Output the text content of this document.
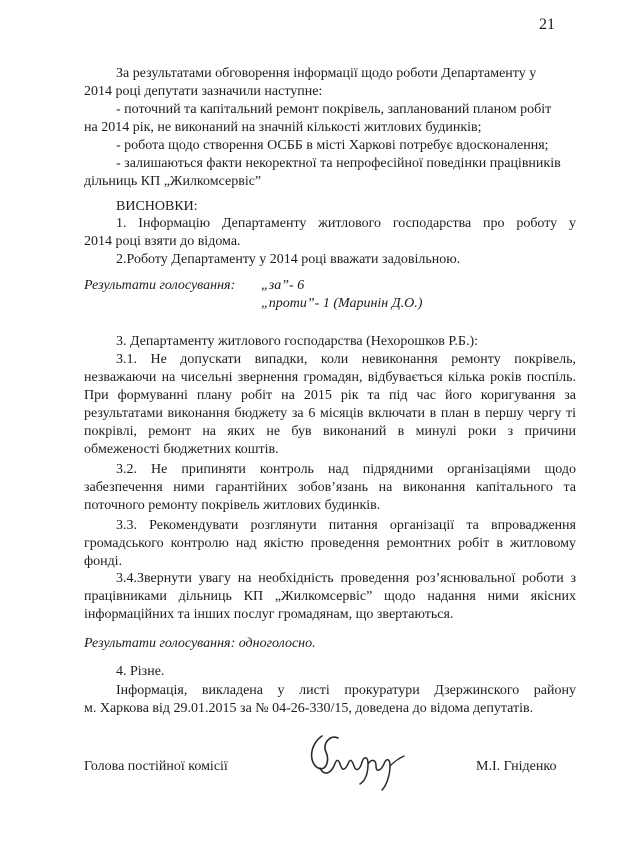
21
За результатами обговорення інформації щодо роботи Департаменту у
2014 році депутати зазначили наступне:
- поточний та капітальний ремонт покрівель, запланований планом робіт
на 2014 рік, не виконаний на значній кількості житлових будинків;
- робота щодо створення ОСББ в місті Харкові потребує вдосконалення;
- залишаються факти некоректної та непрофесійної поведінки працівників
дільниць КП „Жилкомсервіс”
ВИСНОВКИ:
1. Інформацію Департаменту житлового господарства про роботу у
2014 році взяти до відома.
2.Роботу Департаменту у 2014 році вважати задовільною.
Результати голосування: „за”- 6
„проти”- 1 (Маринін Д.О.)
3. Департаменту житлового господарства (Нехорошков Р.Б.):
3.1. Не допускати випадки, коли невиконання ремонту покрівель,
незважаючи на чисельні звернення громадян, відбувається кілька років поспіль.
При формуванні плану робіт на 2015 рік та під час його коригування за
результатами виконання бюджету за 6 місяців включати в план в першу чергу ті
покрівлі, ремонт на яких не був виконаний в минулі роки з причини
обмеженості бюджетних коштів.
3.2. Не припиняти контроль над підрядними організаціями щодо
забезпечення ними гарантійних зобов’язань на виконання капітального та
поточного ремонту покрівель житлових будинків.
3.3. Рекомендувати розглянути питання організації та впровадження
громадського контролю над якістю проведення ремонтних робіт в житловому
фонді.
3.4.Звернути увагу на необхідність проведення роз’яснювальної роботи з
працівниками дільниць КП „Жилкомсервіс” щодо надання ними якісних
інформаційних та інших послуг громадянам, що звертаються.
Результати голосування: одноголосно.
4. Різне.
Інформація, викладена у листі прокуратури Дзержинского району
м. Харкова від 29.01.2015 за № 04-26-330/15, доведена до відома депутатів.
Голова постійної комісії	М.І. Гніденко
